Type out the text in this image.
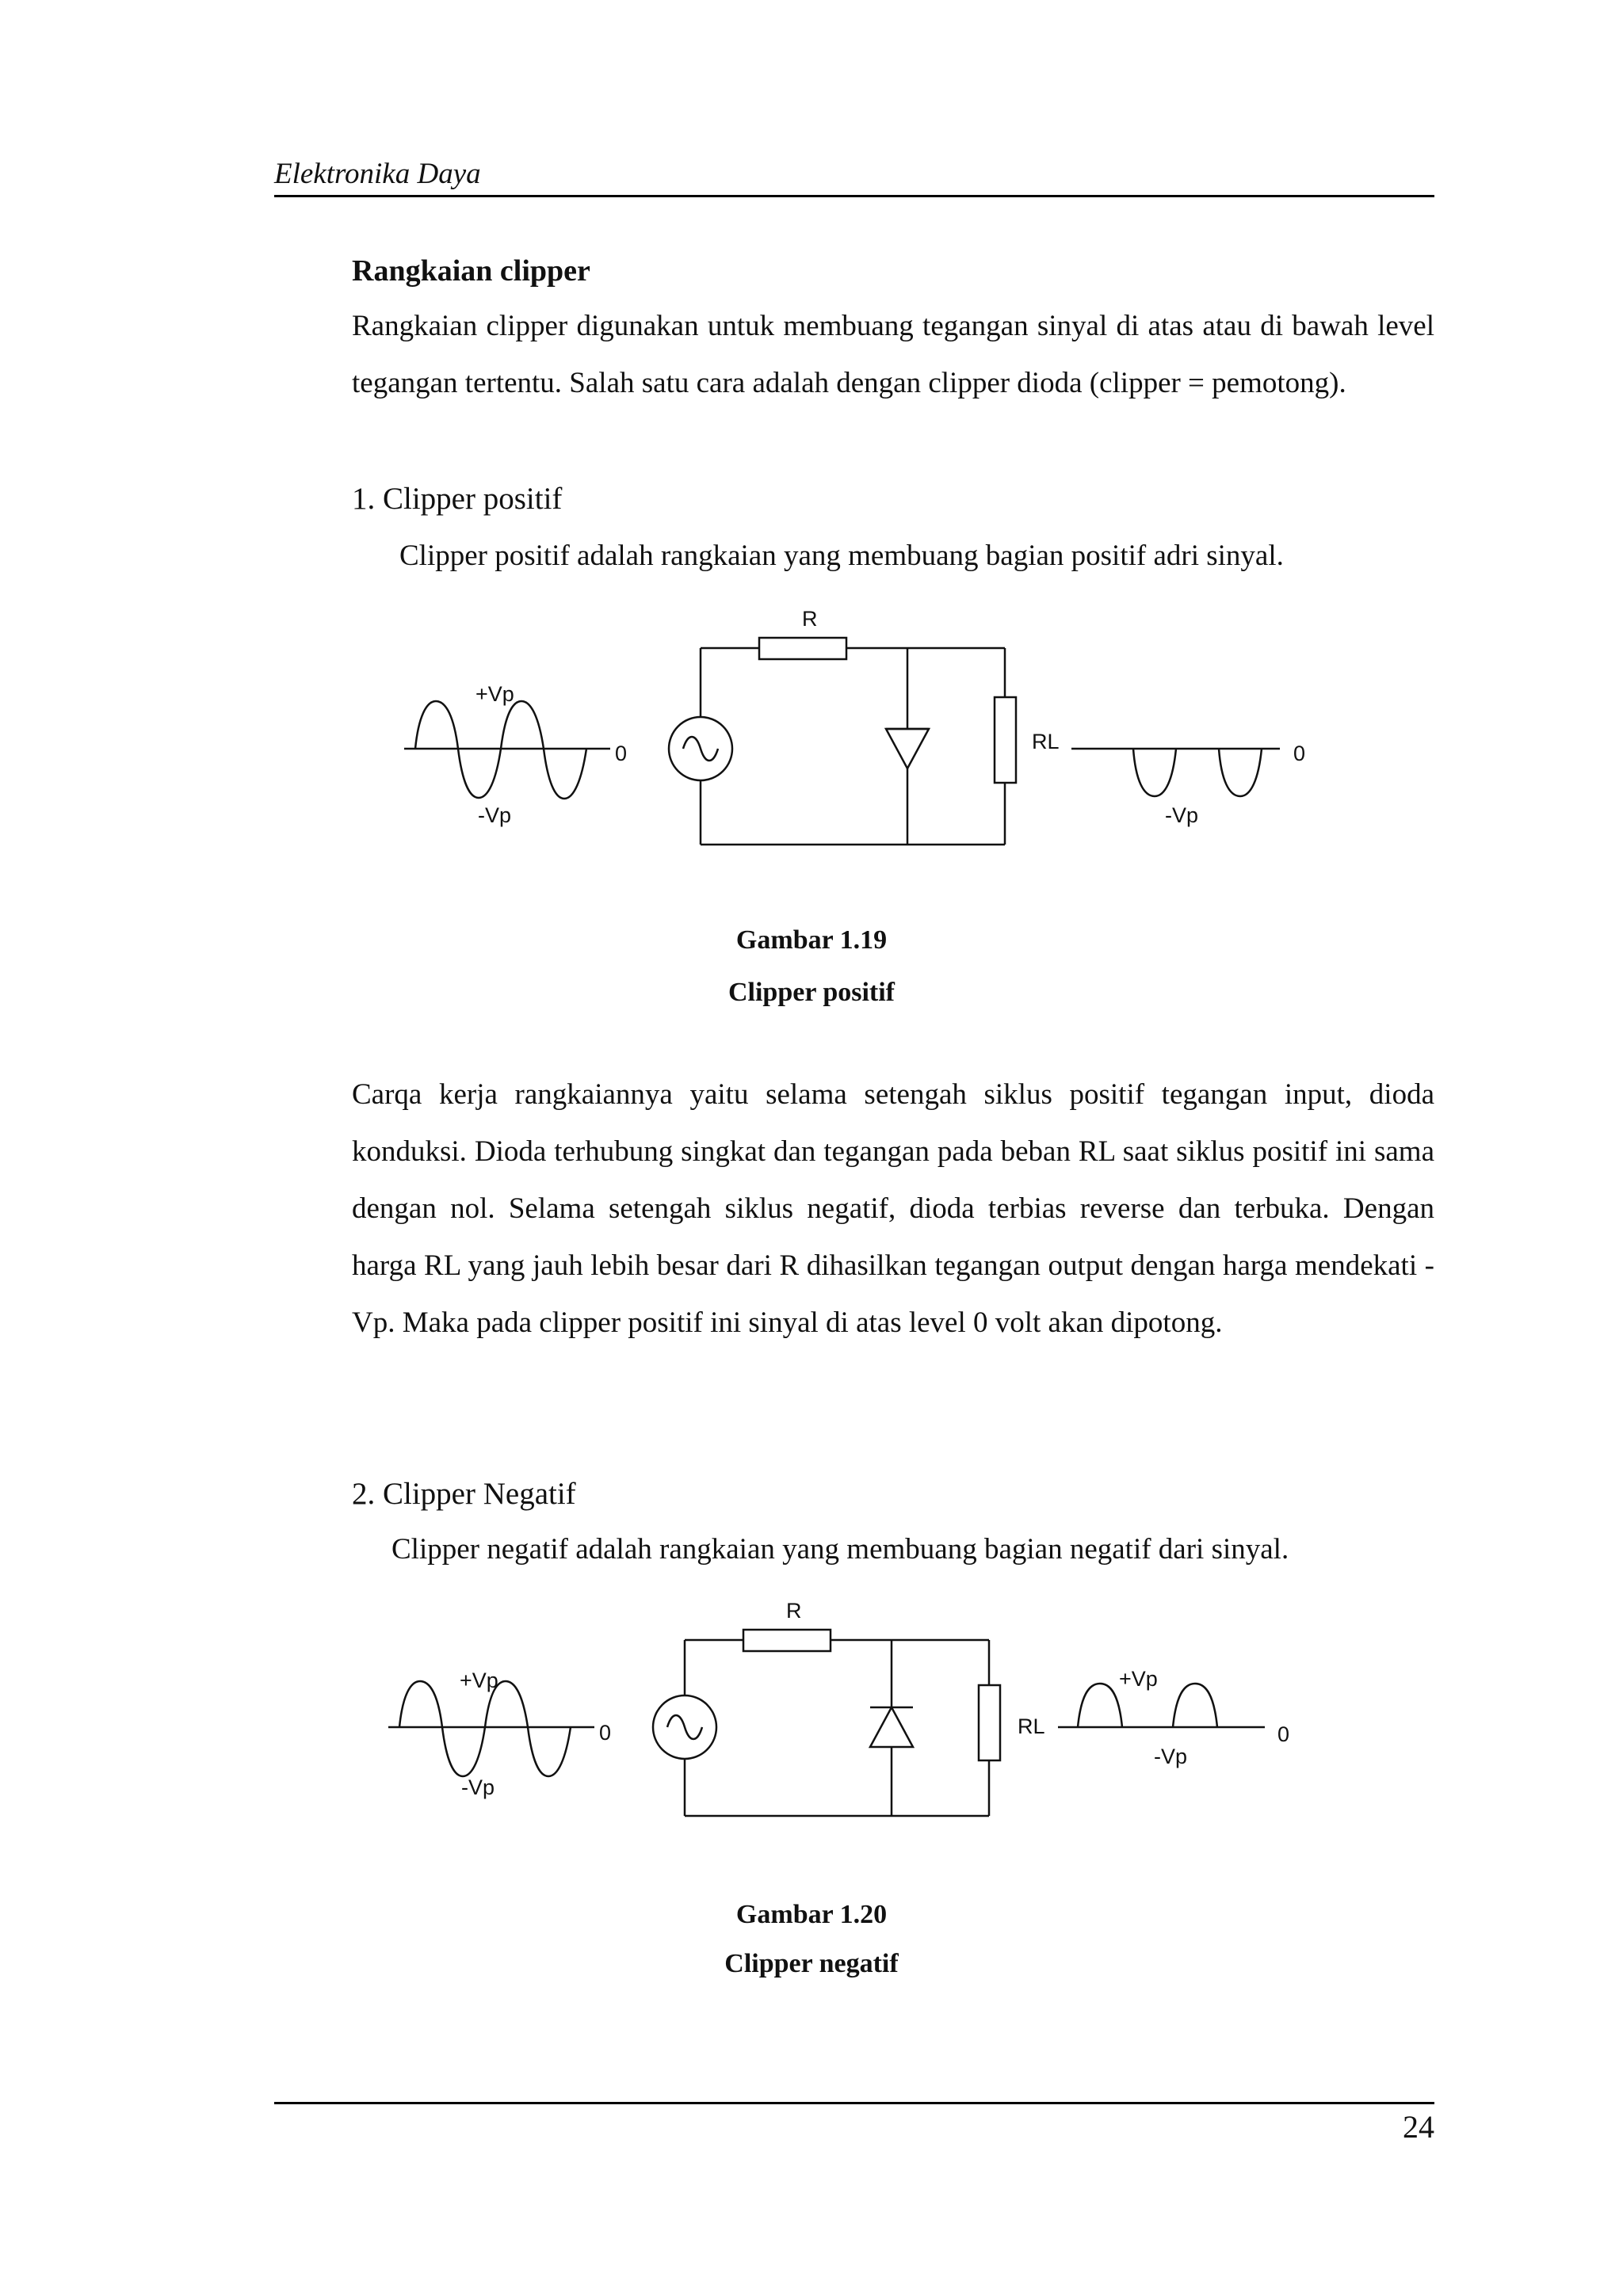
Elektronika Daya
Rangkaian clipper
Rangkaian clipper digunakan untuk membuang tegangan sinyal di atas atau di bawah level tegangan tertentu. Salah satu cara adalah dengan clipper dioda (clipper = pemotong).
1. Clipper positif
Clipper positif adalah rangkaian yang membuang bagian positif adri sinyal.
+Vp
-Vp
0
R
RL
-Vp
0
Gambar 1.19
Clipper positif
Carqa kerja rangkaiannya yaitu selama setengah siklus positif tegangan input, dioda konduksi. Dioda terhubung singkat dan tegangan pada beban RL saat siklus positif ini sama dengan nol. Selama setengah siklus negatif, dioda terbias reverse dan terbuka. Dengan harga RL yang jauh lebih besar dari R dihasilkan tegangan output dengan harga mendekati -Vp. Maka pada clipper positif ini sinyal di atas level 0 volt akan dipotong.
2. Clipper Negatif
Clipper negatif adalah rangkaian yang membuang bagian negatif dari sinyal.
+Vp
-Vp
0
R
RL
+Vp
-Vp
0
Gambar 1.20
Clipper negatif
24
